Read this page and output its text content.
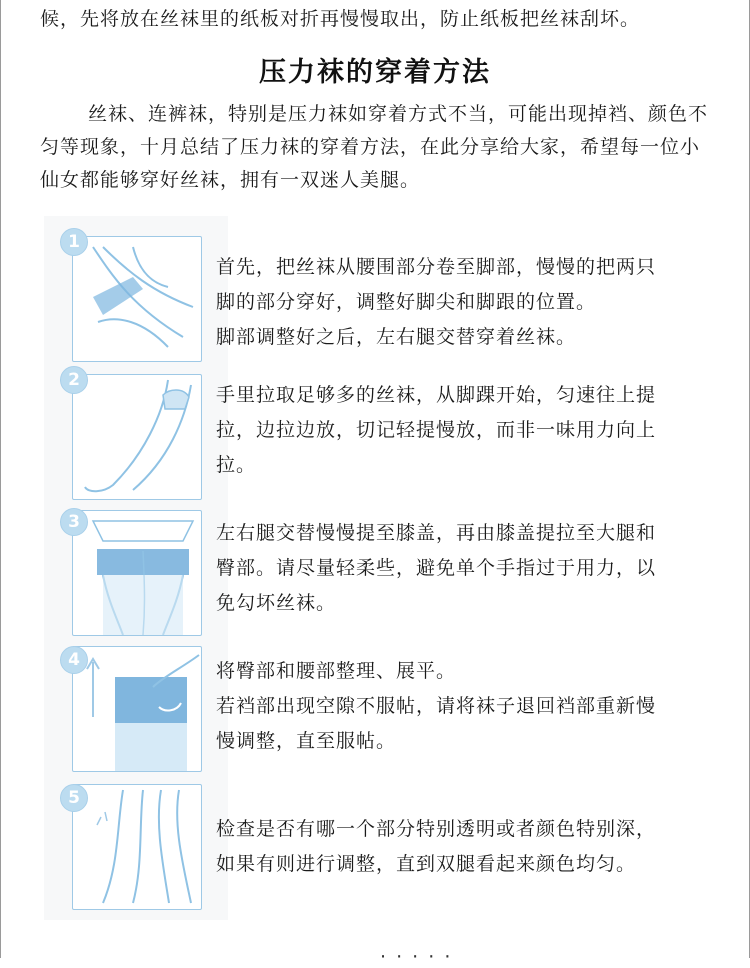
候，先将放在丝袜里的纸板对折再慢慢取出，防止纸板把丝袜刮坏。
压力袜的穿着方法
丝袜、连裤袜，特别是压力袜如穿着方式不当，可能出现掉裆、颜色不匀等现象，十月总结了压力袜的穿着方法，在此分享给大家，希望每一位小仙女都能够穿好丝袜，拥有一双迷人美腿。
1
首先，把丝袜从腰围部分卷至脚部，慢慢的把两只
脚的部分穿好，调整好脚尖和脚跟的位置。
脚部调整好之后，左右腿交替穿着丝袜。
2
手里拉取足够多的丝袜，从脚踝开始，匀速往上提
拉，边拉边放，切记轻提慢放，而非一味用力向上
拉。
3	左右腿交替慢慢提至膝盖，再由膝盖提拉至大腿和
臀部。请尽量轻柔些，避免单个手指过于用力，以
免勾坏丝袜。
4	将臀部和腰部整理、展平。
若裆部出现空隙不服帖，请将袜子退回裆部重新慢
慢调整，直至服帖。
5
检查是否有哪一个部分特别透明或者颜色特别深，
如果有则进行调整，直到双腿看起来颜色均匀。
· · · · ·
